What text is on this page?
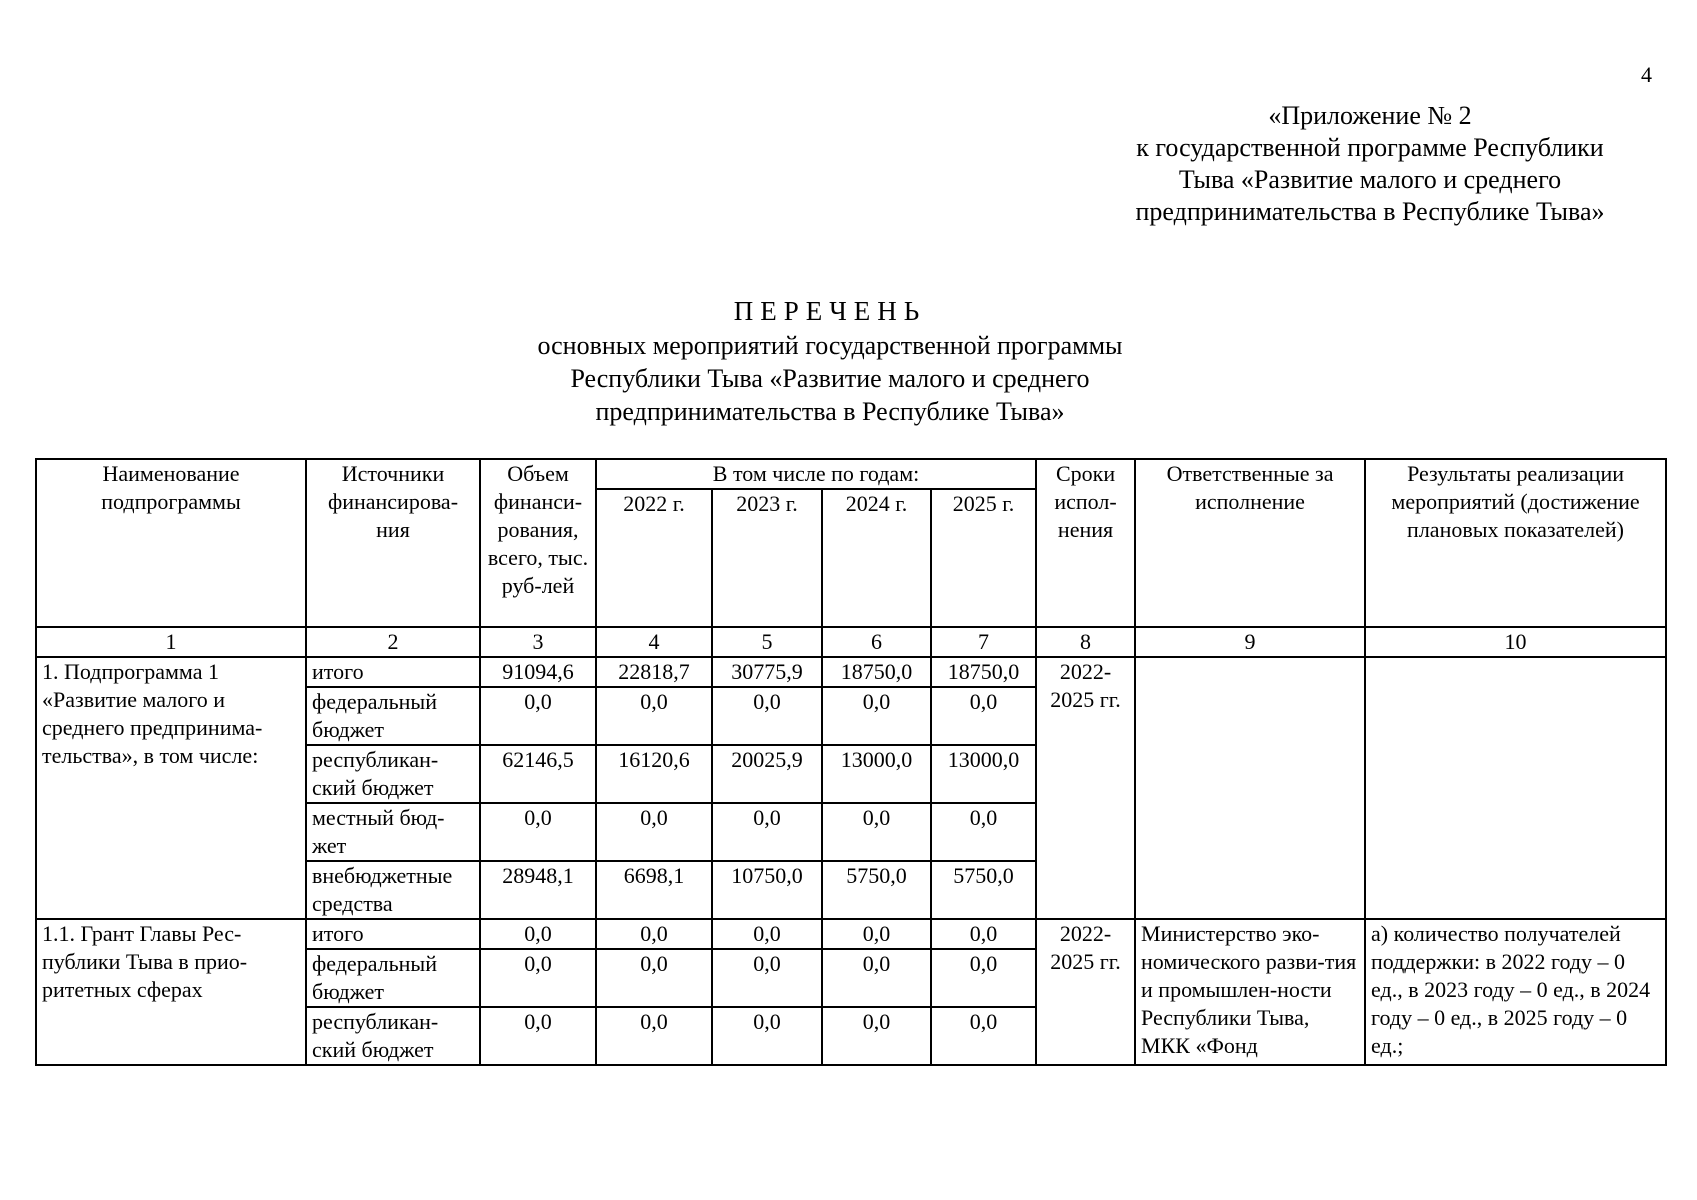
4
«Приложение № 2
к государственной программе Республики
Тыва «Развитие малого и среднего
предпринимательства в Республике Тыва»
ПЕРЕЧЕНЬ
основных мероприятий государственной программы
Республики Тыва «Развитие малого и среднего
предпринимательства в Республике Тыва»
Наименование подпрограммы	Источники финансирова-ния	Объем финанси-рования, всего, тыс. руб-лей	В том числе по годам:				Сроки испол-нения	Ответственные за исполнение	Результаты реализации мероприятий (достижение плановых показателей)
			2022 г.	2023 г.	2024 г.	2025 г.			
1	2	3	4	5	6	7	8	9	10
1. Подпрограмма 1 «Развитие малого и среднего предпринима-тельства», в том числе:	итого	91094,6	22818,7	30775,9	18750,0	18750,0	2022-2025 гг.		
	федеральный бюджет	0,0	0,0	0,0	0,0	0,0			
	республикан-ский бюджет	62146,5	16120,6	20025,9	13000,0	13000,0			
	местный бюд-жет	0,0	0,0	0,0	0,0	0,0			
	внебюджетные средства	28948,1	6698,1	10750,0	5750,0	5750,0			
1.1. Грант Главы Рес-публики Тыва в прио-ритетных сферах	итого	0,0	0,0	0,0	0,0	0,0	2022-2025 гг.	Министерство эко-номического разви-тия и промышлен-ности Республики Тыва, МКК «Фонд	а) количество получателей поддержки: в 2022 году – 0 ед., в 2023 году – 0 ед., в 2024 году – 0 ед., в 2025 году – 0 ед.;
	федеральный бюджет	0,0	0,0	0,0	0,0	0,0			
	республикан-ский бюджет	0,0	0,0	0,0	0,0	0,0			
